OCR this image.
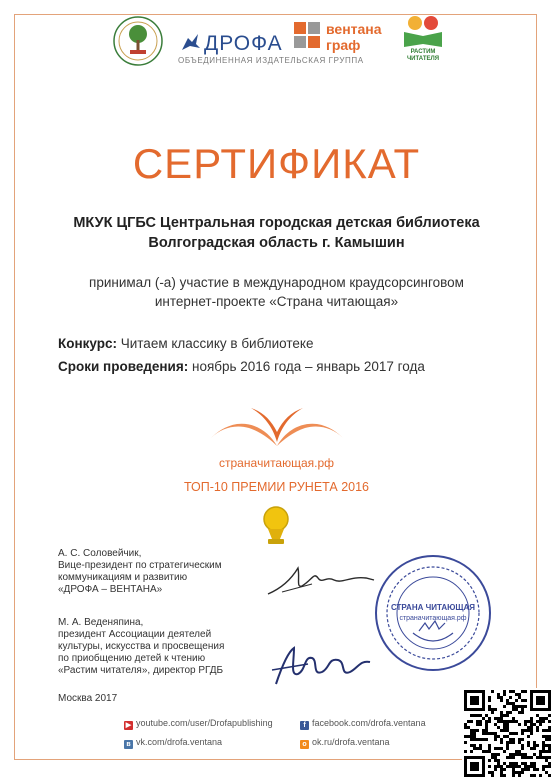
ДРОФА
вентана
граф	РАСТИМ
ЧИТАТЕЛЯ
ОБЪЕДИНЕННАЯ ИЗДАТЕЛЬСКАЯ ГРУППА
СЕРТИФИКАТ
МКУК ЦГБС Центральная городская детская библиотека
Волгоградская область г. Камышин
принимал (-а) участие в международном краудсорсинговом
интернет-проекте «Страна читающая»
Конкурс: Читаем классику в библиотеке
Сроки проведения: ноябрь 2016 года – январь 2017 года
странaчитающая.рф
ТОП-10 ПРЕМИИ РУНЕТА 2016
А. С. Соловейчик,
Вице-президент по стратегическим
коммуникациям и развитию
«ДРОФА – ВЕНТАНА»
М. А. Веденяпина,
президент Ассоциации деятелей
культуры, искусства и просвещения
по приобщению детей к чтению
«Растим читателя», директор РГДБ
Москва 2017
СТРАНА ЧИТАЮЩАЯ
странaчитающая.рф
▶ youtube.com/user/Drofapublishing	f facebook.com/drofa.ventana
в vk.com/drofa.ventana	o ok.ru/drofa.ventana
